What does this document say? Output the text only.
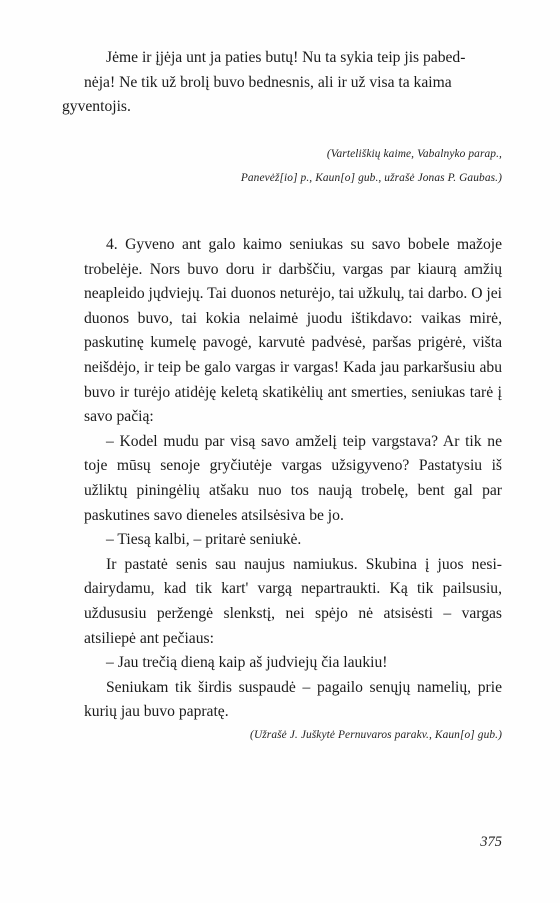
Jėme ir įjėja unt ja paties butų! Nu ta sykia teip jis pabed-
nėja! Ne tik už brolį buvo bednesnis, ali ir už visa ta kaima
gyventojis.

(Varteliškių kaime, Vabalnyko parap.,
Panevėž[io] p., Kaun[o] gub., užrašė Jonas P. Gaubas.)

4. Gyveno ant galo kaimo seniukas su savo bobele mažoje trobelėje. Nors buvo doru ir darbščiu, vargas par kiaurą amžių neapleido jųdviejų. Tai duonos neturėjo, tai užkulų, tai darbo. O jei duonos buvo, tai kokia nelaimė juodu ištikdavo: vaikas mirė, paskutinę kumelę pavogė, karvutė padvėsė, paršas prigėrė, višta neišdėjo, ir teip be galo vargas ir vargas! Kada jau parkaršusiu abu buvo ir turėjo atidėję keletą skatikėlių ant smerties, seniukas tarė į savo pačią:

– Kodel mudu par visą savo amželį teip vargstava? Ar tik ne toje mūsų senoje gryčiutėje vargas užsigyveno? Pastatysiu iš užliktų piningėlių atšaku nuo tos naują trobelę, bent gal par paskutines savo dieneles atsilsėsiva be jo.

– Tiesą kalbi, – pritarė seniukė.

Ir pastatė senis sau naujus namiukus. Skubina į juos nesidairydamu, kad tik kart' vargą nepartraukti. Ką tik pailsusiu, uždususiu peržengė slenkstį, nei spėjo nė atsisėsti – vargas atsiliepė ant pečiaus:

– Jau trečią dieną kaip aš judviejų čia laukiu!

Seniukam tik širdis suspaudė – pagailo senųjų namelių, prie kurių jau buvo papratę.

(Užrašė J. Juškytė Pernuvaros parakv., Kaun[o] gub.)
375
